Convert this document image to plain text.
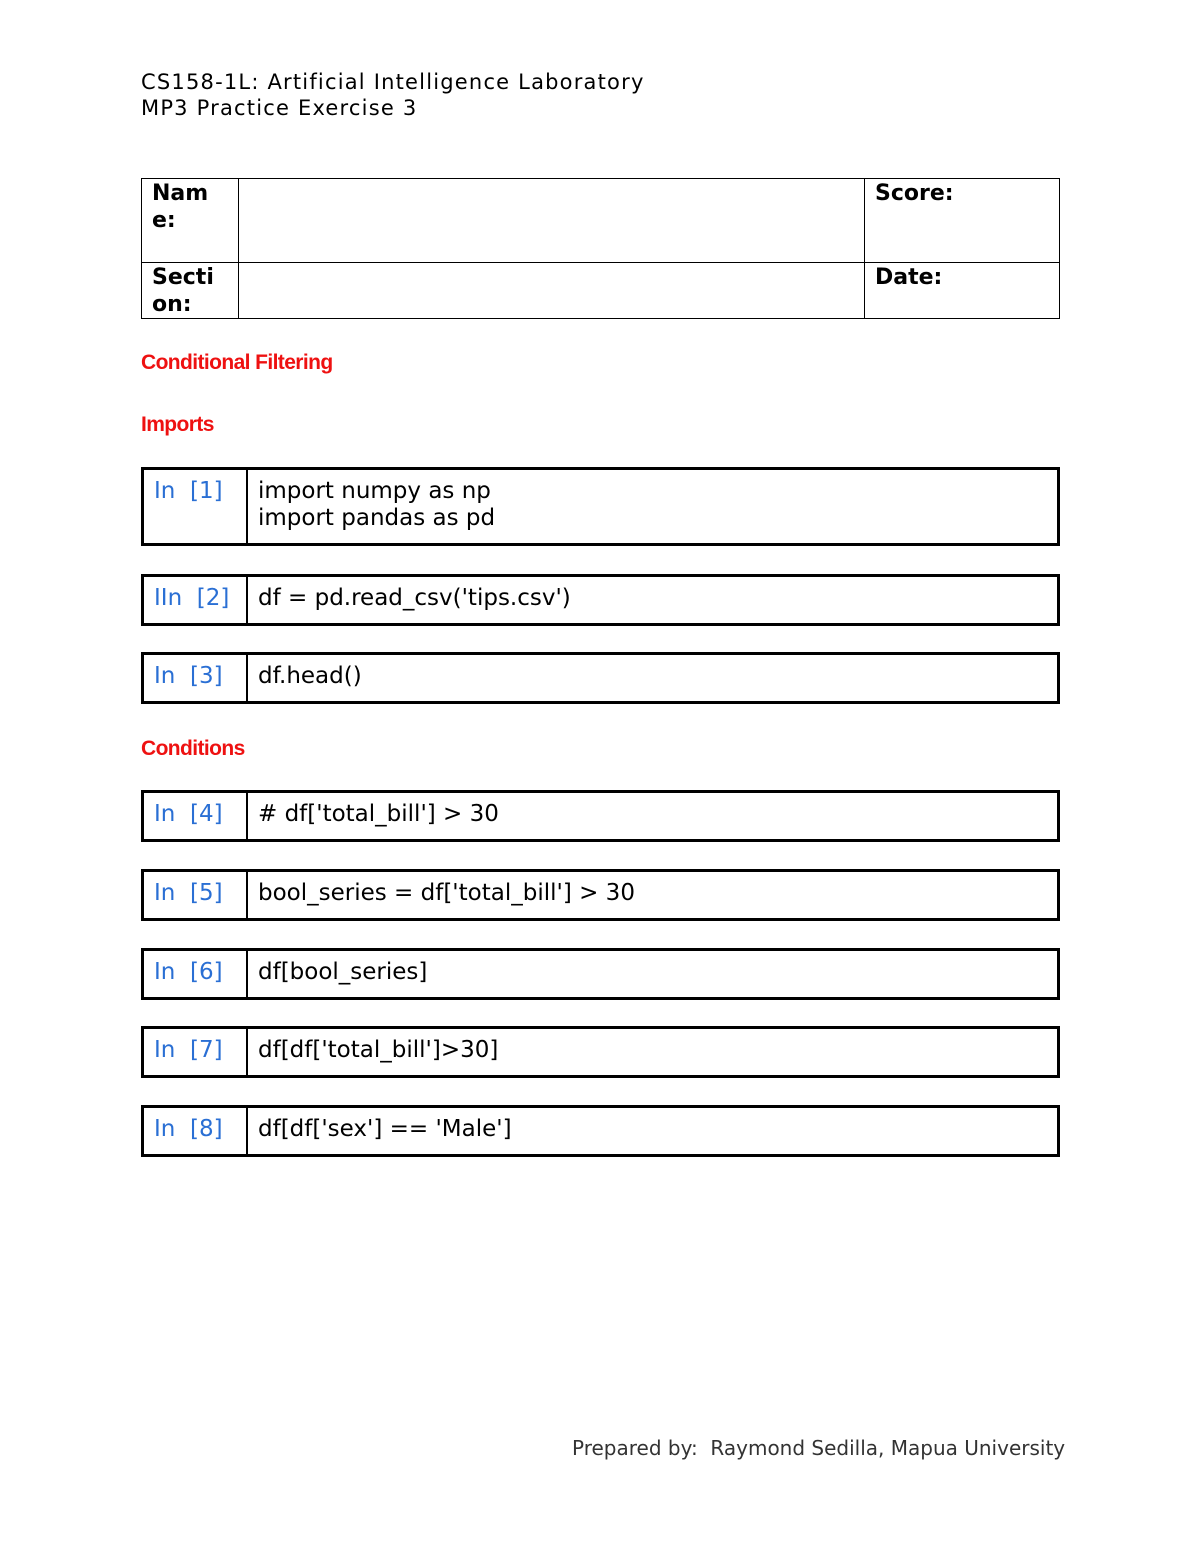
CS158-1L: Artificial Intelligence Laboratory
MP3 Practice Exercise 3
Name:		Score:
Section:		Date:
Conditional Filtering
Imports
Conditions
In  [1]	import numpy as np
import pandas as pd
IIn  [2]	df = pd.read_csv('tips.csv')
In  [3]	df.head()
In  [4]	# df['total_bill'] > 30
In  [5]	bool_series = df['total_bill'] > 30
In  [6]	df[bool_series]
In  [7]	df[df['total_bill']>30]
In  [8]	df[df['sex'] == 'Male']
Prepared by:  Raymond Sedilla, Mapua University
